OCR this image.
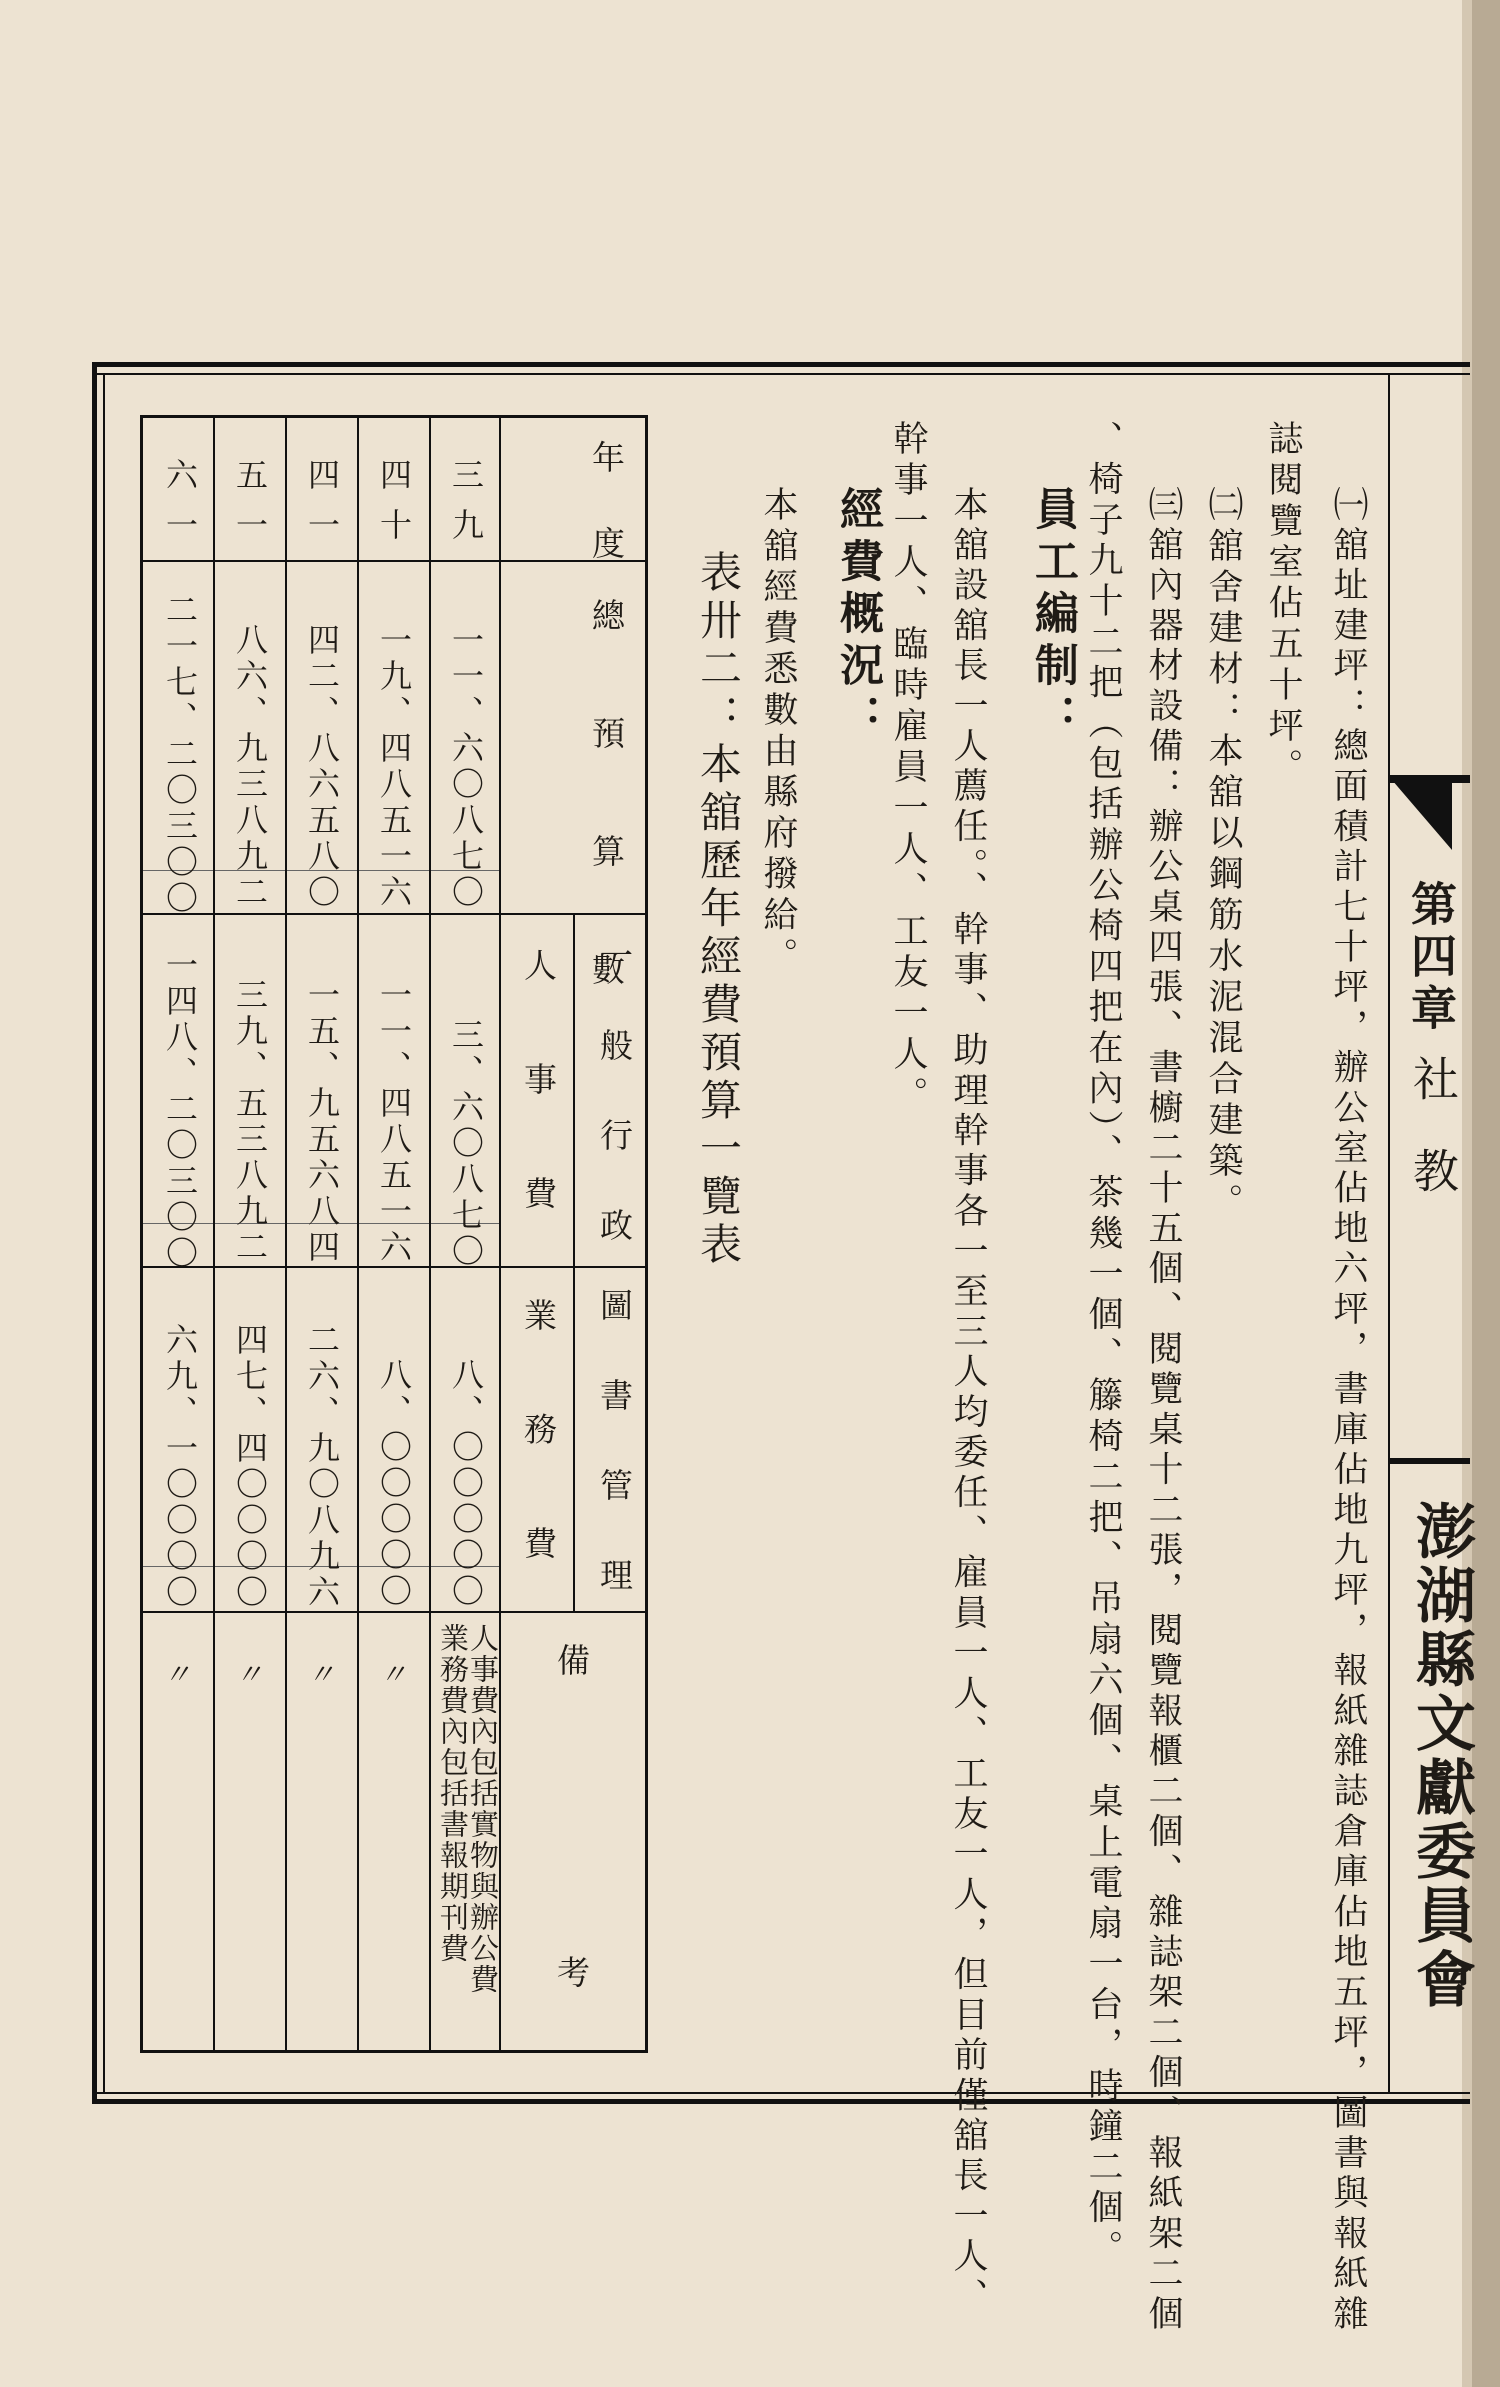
第四章
社　教
澎湖縣文獻委員會
㈠舘址建坪：總面積計七十坪，辦公室佔地六坪，書庫佔地九坪，報紙雜誌倉庫佔地五坪，圖書與報紙雜
誌閱覽室佔五十坪。
㈡舘舍建材：本舘以鋼筋水泥混合建築。
㈢舘內器材設備：辦公桌四張、書櫥二十五個、閱覽桌十二張，閱覽報櫃二個、雜誌架二個、報紙架二個
、椅子九十二把（包括辦公椅四把在內）、茶幾一個、籐椅二把、吊扇六個、桌上電扇一台，時鐘二個。
員工編制：
本舘設舘長一人薦任。、幹事、助理幹事各一至三人均委任、雇員一人、工友一人，但目前僅舘長一人、
幹事一人、臨時雇員一人、工友一人。
經費概況：
本舘經費悉數由縣府撥給。
表卅二：本舘歷年經費預算一覽表
年　度
總　預　算　數
一　般　行　政
人　事　費
圖　書　管　理
業　務　費
備　　　　　　　考
三九
一一、六〇八七〇
三、六〇八七〇
八、〇〇〇〇〇
人事費內包括實物與辦公費
業務費內包括書報期刊費
四十
一九、四八五一六
一一、四八五一六
八、〇〇〇〇〇
〃
四一
四二、八六五八〇
一五、九五六八四
二六、九〇八九六
〃
五一
八六、九三八九二
三九、五三八九二
四七、四〇〇〇〇
〃
六一
二一七、二〇三〇〇
一四八、二〇三〇〇
六九、一〇〇〇〇
〃
